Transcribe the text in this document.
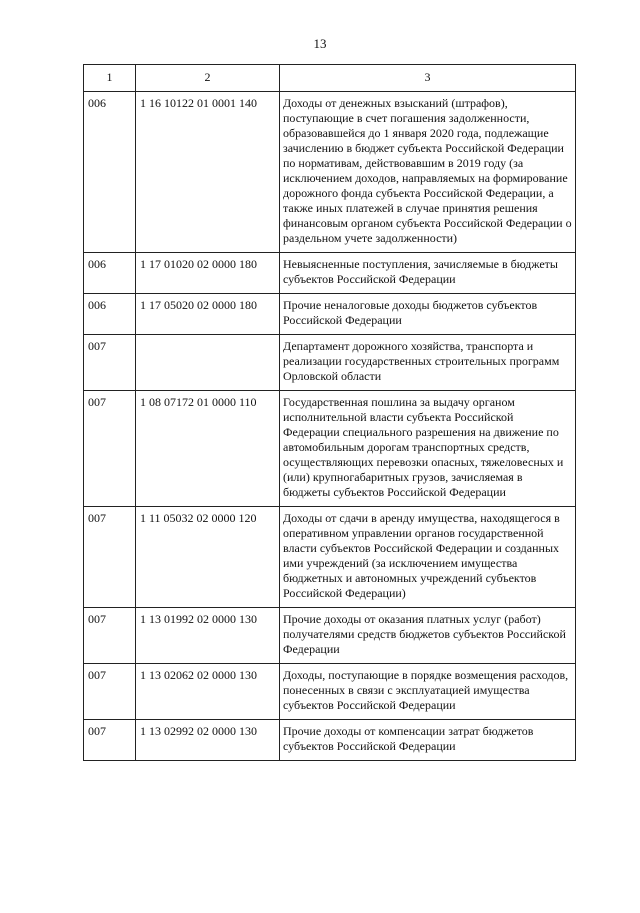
13
1	2	3
006	1 16 10122 01 0001 140	Доходы от денежных взысканий (штрафов), поступающие в счет погашения задолженности, образовавшейся до 1 января 2020 года, подлежащие зачислению в бюджет субъекта Российской Федерации по нормативам, действовавшим в 2019 году (за исключением доходов, направляемых на формирование дорожного фонда субъекта Российской Федерации, а также иных платежей в случае принятия решения финансовым органом субъекта Российской Федерации о раздельном учете задолженности)
006	1 17 01020 02 0000 180	Невыясненные поступления, зачисляемые в бюджеты субъектов Российской Федерации
006	1 17 05020 02 0000 180	Прочие неналоговые доходы бюджетов субъектов Российской Федерации
007		Департамент дорожного хозяйства, транспорта и реализации государственных строительных программ Орловской области
007	1 08 07172 01 0000 110	Государственная пошлина за выдачу органом исполнительной власти субъекта Российской Федерации специального разрешения на движение по автомобильным дорогам транспортных средств, осуществляющих перевозки опасных, тяжеловесных и (или) крупногабаритных грузов, зачисляемая в бюджеты субъектов Российской Федерации
007	1 11 05032 02 0000 120	Доходы от сдачи в аренду имущества, находящегося в оперативном управлении органов государственной власти субъектов Российской Федерации и созданных ими учреждений (за исключением имущества бюджетных и автономных учреждений субъектов Российской Федерации)
007	1 13 01992 02 0000 130	Прочие доходы от оказания платных услуг (работ) получателями средств бюджетов субъектов Российской Федерации
007	1 13 02062 02 0000 130	Доходы, поступающие в порядке возмещения расходов, понесенных в связи с эксплуатацией имущества субъектов Российской Федерации
007	1 13 02992 02 0000 130	Прочие доходы от компенсации затрат бюджетов субъектов Российской Федерации
